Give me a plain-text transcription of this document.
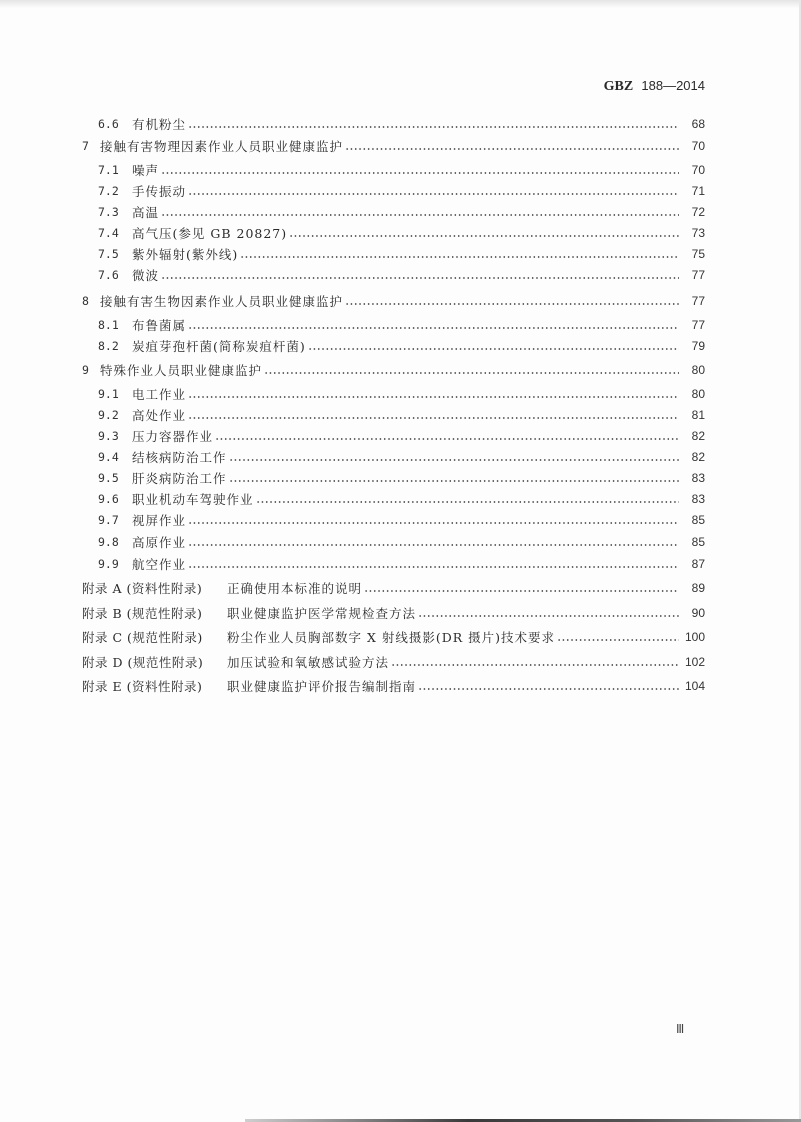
GBZ 188—2014
6.6	有机粉尘	68
7 接触有害物理因素作业人员职业健康监护	70
7.1	噪声	70
7.2	手传振动	71
7.3	高温	72
7.4	高气压(参见 GB 20827)	73
7.5	紫外辐射(紫外线)	75
7.6	微波	77
8 接触有害生物因素作业人员职业健康监护	77
8.1	布鲁菌属	77
8.2	炭疽芽孢杆菌(简称炭疽杆菌)	79
9 特殊作业人员职业健康监护	80
9.1	电工作业	80
9.2	高处作业	81
9.3	压力容器作业	82
9.4	结核病防治工作	82
9.5	肝炎病防治工作	83
9.6	职业机动车驾驶作业	83
9.7	视屏作业	85
9.8	高原作业	85
9.9	航空作业	87
附录 A (资料性附录)	正确使用本标准的说明	89
附录 B (规范性附录)	职业健康监护医学常规检查方法	90
附录 C (规范性附录)	粉尘作业人员胸部数字 X 射线摄影(DR 摄片)技术要求	100
附录 D (规范性附录)	加压试验和氧敏感试验方法	102
附录 E (资料性附录)	职业健康监护评价报告编制指南	104
Ⅲ
